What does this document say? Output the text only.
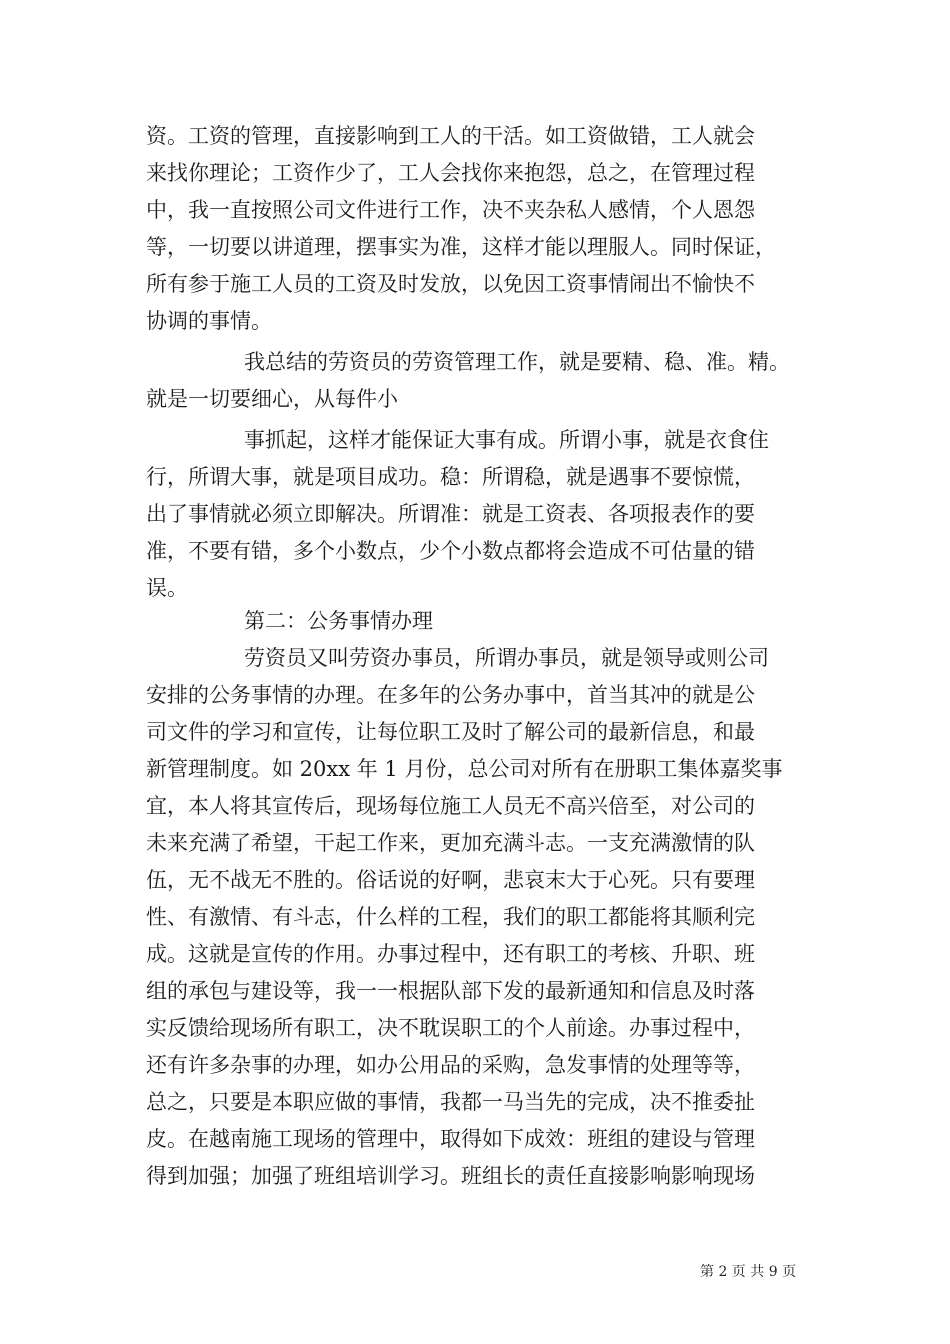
资。工资的管理，直接影响到工人的干活。如工资做错，工人就会
来找你理论；工资作少了，工人会找你来抱怨，总之，在管理过程
中，我一直按照公司文件进行工作，决不夹杂私人感情，个人恩怨
等，一切要以讲道理，摆事实为准，这样才能以理服人。同时保证，
所有参于施工人员的工资及时发放，以免因工资事情闹出不愉快不
协调的事情。
我总结的劳资员的劳资管理工作，就是要精、稳、准。精。
就是一切要细心，从每件小
事抓起，这样才能保证大事有成。所谓小事，就是衣食住
行，所谓大事，就是项目成功。稳：所谓稳，就是遇事不要惊慌，
出了事情就必须立即解决。所谓准：就是工资表、各项报表作的要
准，不要有错，多个小数点，少个小数点都将会造成不可估量的错
误。
第二：公务事情办理
劳资员又叫劳资办事员，所谓办事员，就是领导或则公司
安排的公务事情的办理。在多年的公务办事中，首当其冲的就是公
司文件的学习和宣传，让每位职工及时了解公司的最新信息，和最
新管理制度。如 20xx 年 1 月份，总公司对所有在册职工集体嘉奖事
宜，本人将其宣传后，现场每位施工人员无不高兴倍至，对公司的
未来充满了希望，干起工作来，更加充满斗志。一支充满激情的队
伍，无不战无不胜的。俗话说的好啊，悲哀末大于心死。只有要理
性、有激情、有斗志，什么样的工程，我们的职工都能将其顺利完
成。这就是宣传的作用。办事过程中，还有职工的考核、升职、班
组的承包与建设等，我一一根据队部下发的最新通知和信息及时落
实反馈给现场所有职工，决不耽误职工的个人前途。办事过程中，
还有许多杂事的办理，如办公用品的采购，急发事情的处理等等，
总之，只要是本职应做的事情，我都一马当先的完成，决不推委扯
皮。在越南施工现场的管理中，取得如下成效：班组的建设与管理
得到加强；加强了班组培训学习。班组长的责任直接影响影响现场
第 2 页 共 9 页
